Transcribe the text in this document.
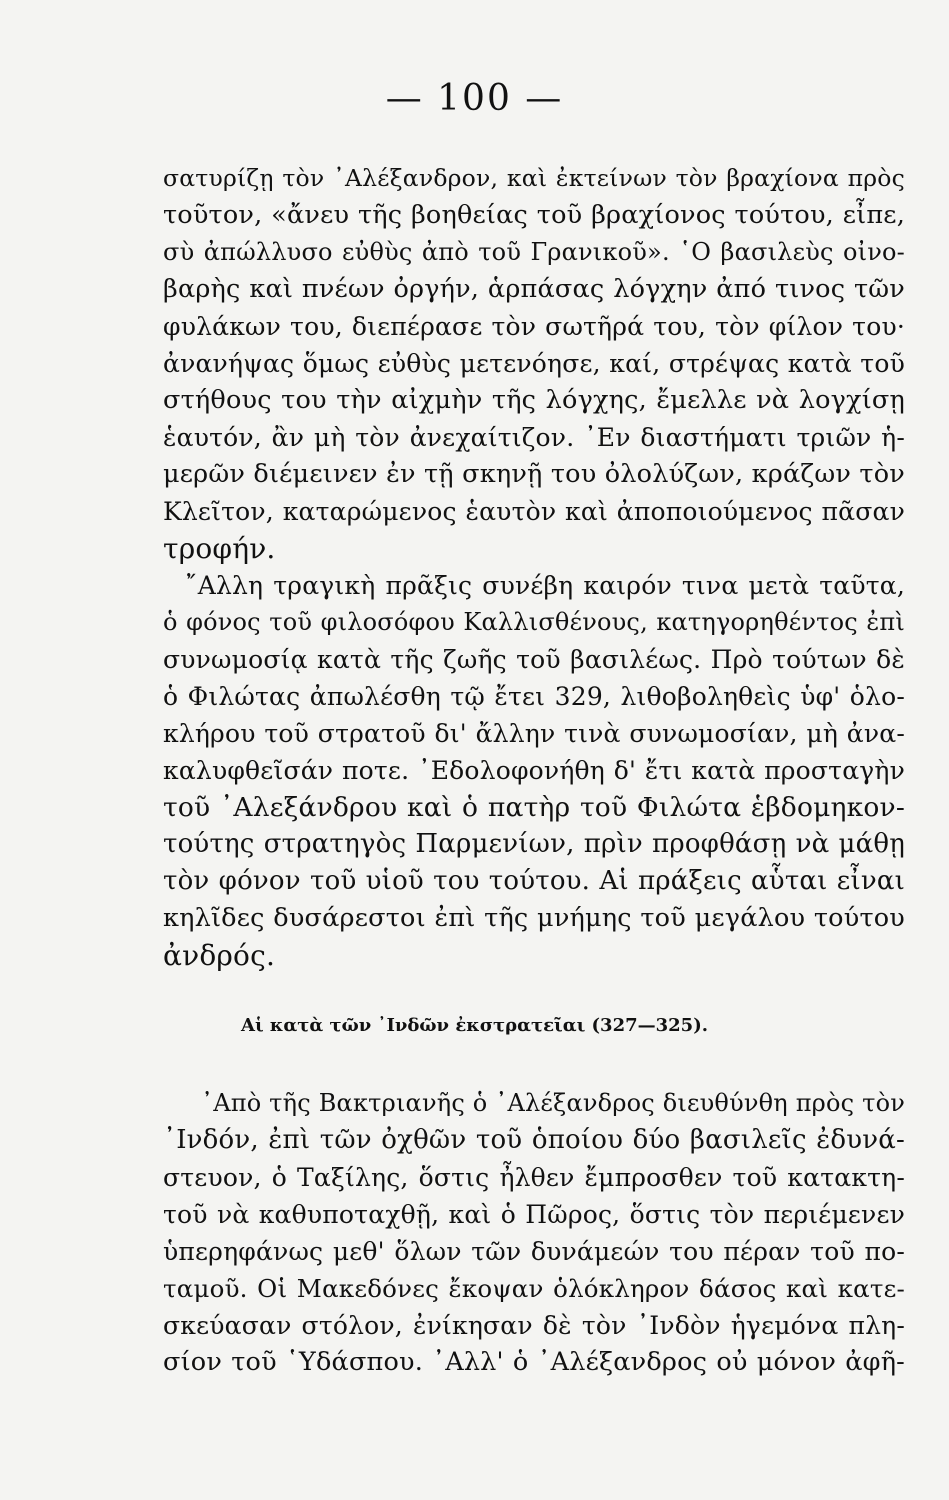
— 100 —
σατυρίζῃ τὸν ᾿Αλέξανδρον, καὶ ἐκτείνων τὸν βραχίονα πρὸς
τοῦτον, «ἄνευ τῆς βοηθείας τοῦ βραχίονος τούτου, εἶπε,
σὺ ἀπώλλυσο εὐθὺς ἀπὸ τοῦ Γρανικοῦ». ῾Ο βασιλεὺς οἰνο-
βαρὴς καὶ πνέων ὀργήν, ἁρπάσας λόγχην ἀπό τινος τῶν
φυλάκων του, διεπέρασε τὸν σωτῆρά του, τὸν φίλον του·
ἀνανήψας ὅμως εὐθὺς μετενόησε, καί, στρέψας κατὰ τοῦ
στήθους του τὴν αἰχμὴν τῆς λόγχης, ἔμελλε νὰ λογχίσῃ
ἑαυτόν, ἂν μὴ τὸν ἀνεχαίτιζον. ᾿Εν διαστήματι τριῶν ἡ-
μερῶν διέμεινεν ἐν τῇ σκηνῇ του ὀλολύζων, κράζων τὸν
Κλεῖτον, καταρώμενος ἑαυτὸν καὶ ἀποποιούμενος πᾶσαν
τροφήν.
῎Αλλη τραγικὴ πρᾶξις συνέβη καιρόν τινα μετὰ ταῦτα,
ὁ φόνος τοῦ φιλοσόφου Καλλισθένους, κατηγορηθέντος ἐπὶ
συνωμοσίᾳ κατὰ τῆς ζωῆς τοῦ βασιλέως. Πρὸ τούτων δὲ
ὁ Φιλώτας ἀπωλέσθη τῷ ἔτει 329, λιθοβοληθεὶς ὑφ' ὁλο-
κλήρου τοῦ στρατοῦ δι' ἄλλην τινὰ συνωμοσίαν, μὴ ἀνα-
καλυφθεῖσάν ποτε. ᾿Εδολοφονήθη δ' ἔτι κατὰ προσταγὴν
τοῦ ᾿Αλεξάνδρου καὶ ὁ πατὴρ τοῦ Φιλώτα ἑβδομηκον-
τούτης στρατηγὸς Παρμενίων, πρὶν προφθάσῃ νὰ μάθῃ
τὸν φόνον τοῦ υἱοῦ του τούτου. Αἱ πράξεις αὗται εἶναι
κηλῖδες δυσάρεστοι ἐπὶ τῆς μνήμης τοῦ μεγάλου τούτου
ἀνδρός.
Αἱ κατὰ τῶν ᾿Ινδῶν ἐκστρατεῖαι (327—325).
᾿Απὸ τῆς Βακτριανῆς ὁ ᾿Αλέξανδρος διευθύνθη πρὸς τὸν
᾿Ινδόν, ἐπὶ τῶν ὀχθῶν τοῦ ὁποίου δύο βασιλεῖς ἐδυνά-
στευον, ὁ Ταξίλης, ὅστις ἦλθεν ἔμπροσθεν τοῦ κατακτη-
τοῦ νὰ καθυποταχθῇ, καὶ ὁ Πῶρος, ὅστις τὸν περιέμενεν
ὑπερηφάνως μεθ' ὅλων τῶν δυνάμεών του πέραν τοῦ πο-
ταμοῦ. Οἱ Μακεδόνες ἔκοψαν ὁλόκληρον δάσος καὶ κατε-
σκεύασαν στόλον, ἐνίκησαν δὲ τὸν ᾿Ινδὸν ἡγεμόνα πλη-
σίον τοῦ ῾Υδάσπου. ᾿Αλλ' ὁ ᾿Αλέξανδρος οὐ μόνον ἀφῆ-
